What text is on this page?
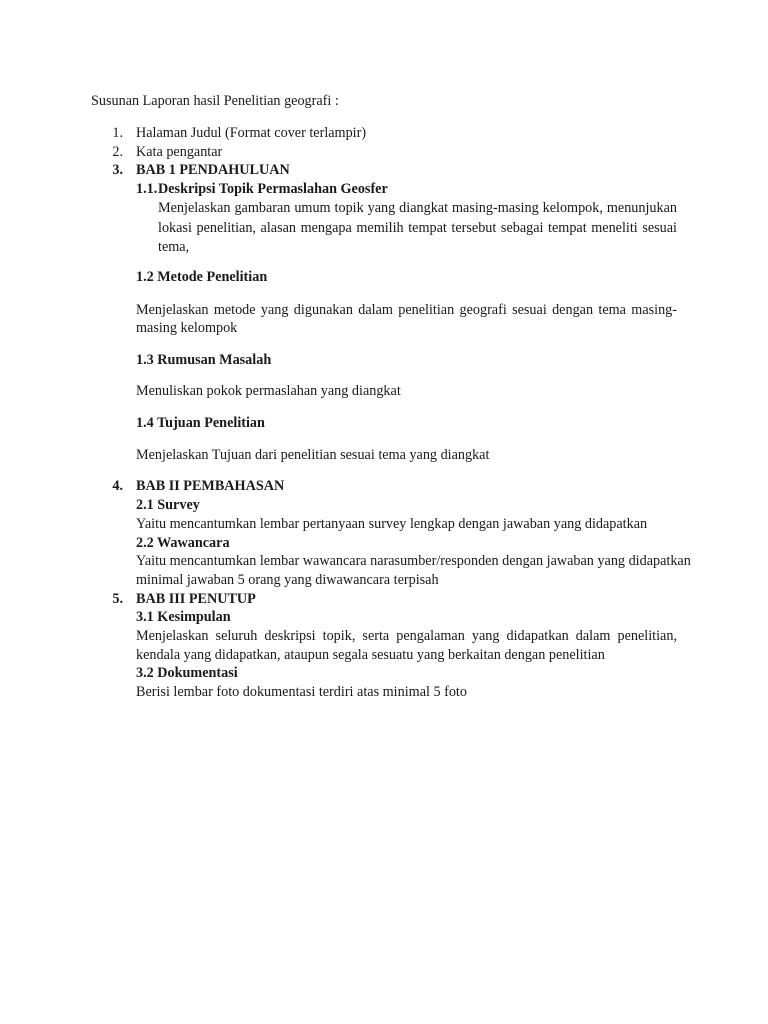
Susunan Laporan hasil Penelitian geografi :
1. Halaman Judul (Format cover terlampir)
2. Kata pengantar
3. BAB 1 PENDAHULUAN
1.1. Deskripsi Topik Permaslahan Geosfer
Menjelaskan gambaran umum topik yang diangkat masing-masing kelompok, menunjukan
lokasi penelitian, alasan mengapa memilih tempat tersebut sebagai tempat meneliti sesuai
tema,
1.2 Metode Penelitian
Menjelaskan metode yang digunakan dalam penelitian geografi sesuai dengan tema masing-
masing kelompok
1.3 Rumusan Masalah
Menuliskan pokok permaslahan yang diangkat
1.4 Tujuan Penelitian
Menjelaskan Tujuan dari penelitian sesuai tema yang diangkat
4. BAB II PEMBAHASAN
2.1 Survey
Yaitu mencantumkan lembar pertanyaan survey lengkap dengan jawaban yang didapatkan
2.2 Wawancara
Yaitu mencantumkan lembar wawancara narasumber/responden dengan jawaban yang didapatkan
minimal jawaban 5 orang yang diwawancara terpisah
5. BAB III PENUTUP
3.1 Kesimpulan
Menjelaskan seluruh deskripsi topik, serta pengalaman yang didapatkan dalam penelitian,
kendala yang didapatkan, ataupun segala sesuatu yang berkaitan dengan penelitian
3.2 Dokumentasi
Berisi lembar foto dokumentasi terdiri atas minimal 5 foto
